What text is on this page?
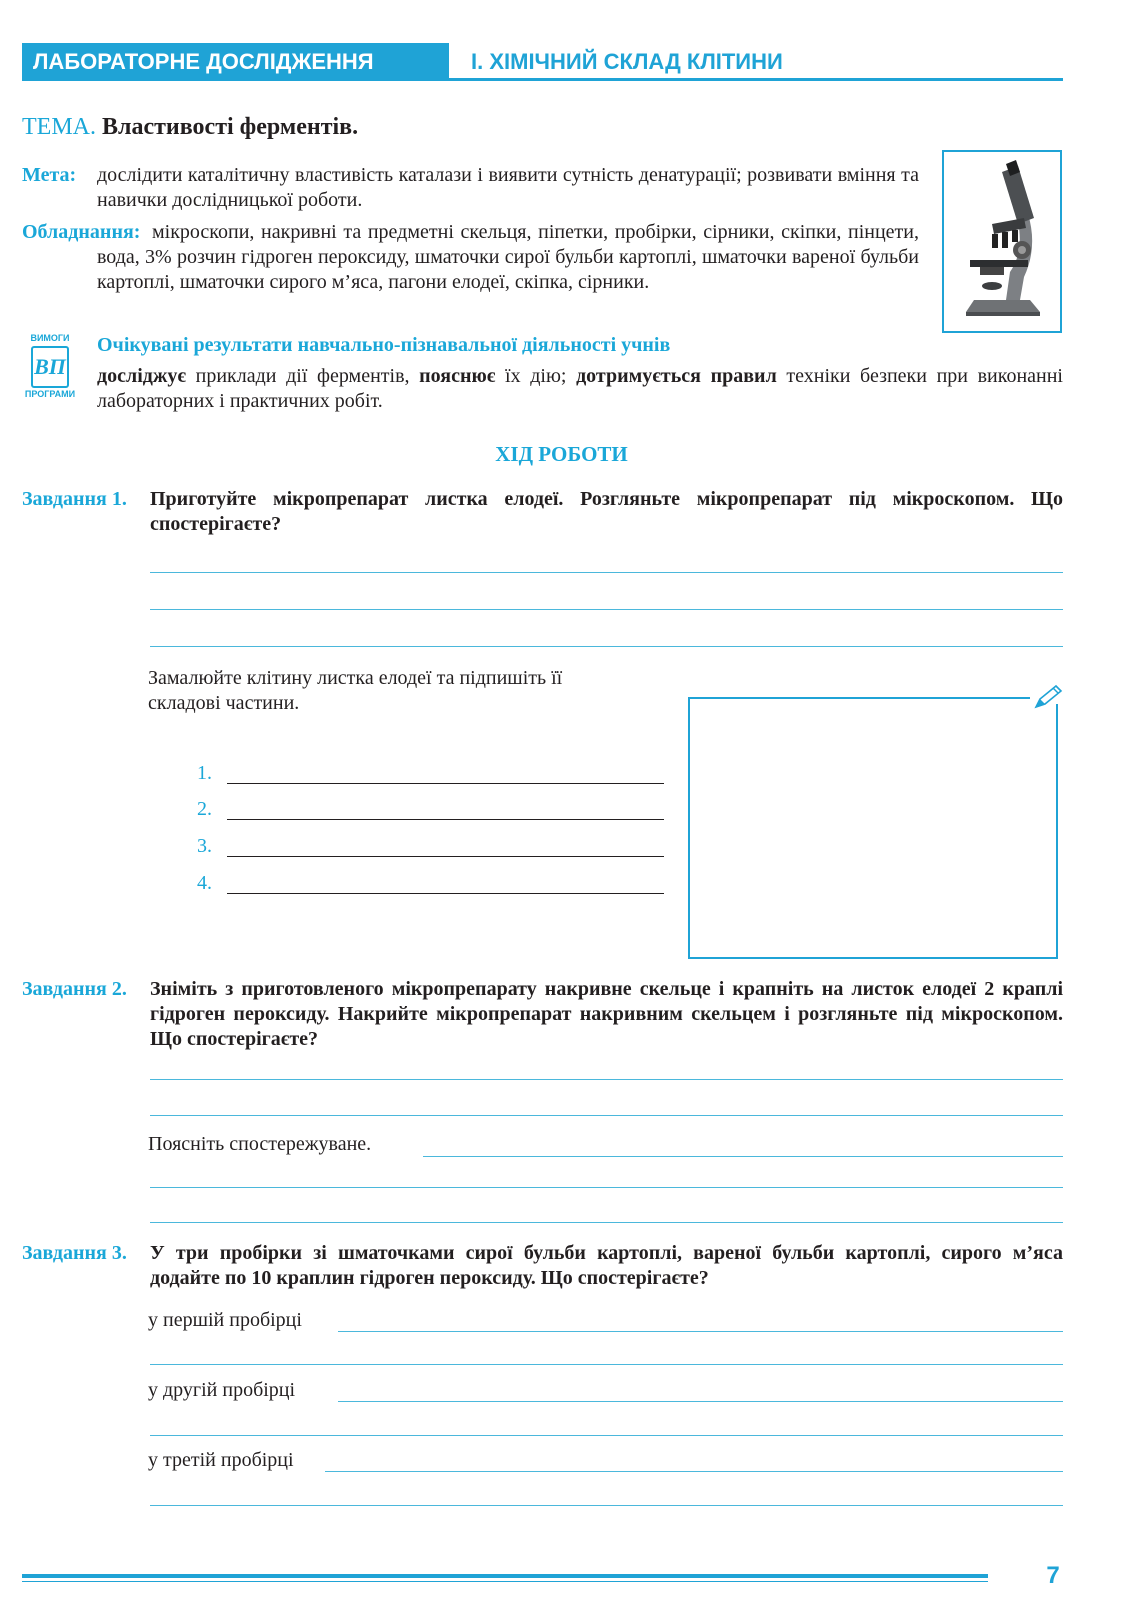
ЛАБОРАТОРНЕ ДОСЛІДЖЕННЯ	І. ХІМІЧНИЙ СКЛАД КЛІТИНИ
ТЕМА. Властивості ферментів.
Мета: дослідити каталітичну властивість каталази і виявити сутність денатурації; розвивати вміння та навички дослідницької роботи.
Обладнання: мікроскопи, накривні та предметні скельця, піпетки, пробірки, сірники, скіпки, пінцети, вода, 3% розчин гідроген пероксиду, шматочки сирої бульби картоплі, шматочки вареної бульби картоплі, шматочки сирого м’яса, пагони елодеї, скіпка, сірники.
ВИМОГИ
ВП
ПРОГРАМИ
Очікувані результати навчально-пізнавальної діяльності учнів
досліджує приклади дії ферментів, пояснює їх дію; дотримується правил техніки безпеки при виконанні лабораторних і практичних робіт.
ХІД РОБОТИ
Завдання 1. Приготуйте мікропрепарат листка елодеї. Розгляньте мікропрепарат під мікроскопом. Що спостерігаєте?
Замалюйте клітину листка елодеї та підпишіть її складові частини.
1.
2.
3.
4.
Завдання 2. Зніміть з приготовленого мікропрепарату накривне скельце і крапніть на листок елодеї 2 краплі гідроген пероксиду. Накрийте мікропрепарат накривним скельцем і розгляньте під мікроскопом. Що спостерігаєте?
Поясніть спостережуване.
Завдання 3. У три пробірки зі шматочками сирої бульби картоплі, вареної бульби картоплі, сирого м’яса додайте по 10 краплин гідроген пероксиду. Що спостерігаєте?
у першій пробірці
у другій пробірці
у третій пробірці
7
